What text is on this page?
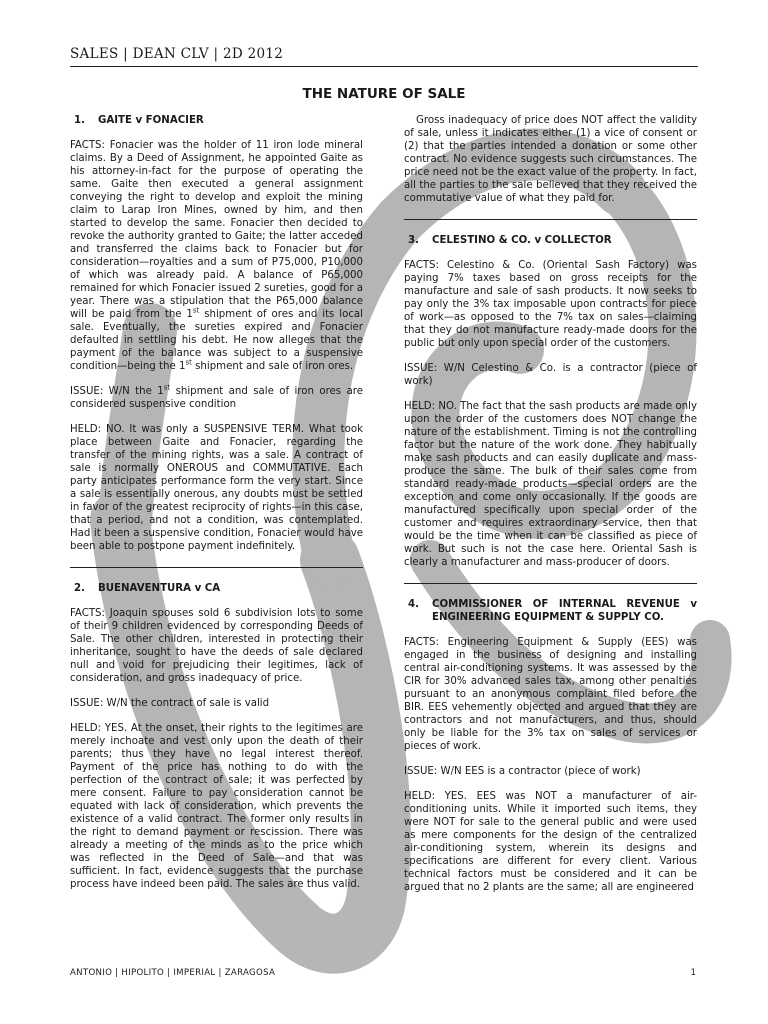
SALES | DEAN CLV | 2D 2012
THE NATURE OF SALE
1. GAITE v FONACIER

FACTS: Fonacier was the holder of 11 iron lode mineral claims. By a Deed of Assignment, he appointed Gaite as his attorney-in-fact for the purpose of operating the same. Gaite then executed a general assignment conveying the right to develop and exploit the mining claim to Larap Iron Mines, owned by him, and then started to develop the same. Fonacier then decided to revoke the authority granted to Gaite; the latter acceded and transferred the claims back to Fonacier but for consideration—royalties and a sum of P75,000, P10,000 of which was already paid. A balance of P65,000 remained for which Fonacier issued 2 sureties, good for a year. There was a stipulation that the P65,000 balance will be paid from the 1st shipment of ores and its local sale. Eventually, the sureties expired and Fonacier defaulted in settling his debt. He now alleges that the payment of the balance was subject to a suspensive condition—being the 1st shipment and sale of iron ores.

ISSUE: W/N the 1st shipment and sale of iron ores are considered suspensive condition

HELD: NO. It was only a SUSPENSIVE TERM. What took place between Gaite and Fonacier, regarding the transfer of the mining rights, was a sale. A contract of sale is normally ONEROUS and COMMUTATIVE. Each party anticipates performance form the very start. Since a sale is essentially onerous, any doubts must be settled in favor of the greatest reciprocity of rights—in this case, that a period, and not a condition, was contemplated. Had it been a suspensive condition, Fonacier would have been able to postpone payment indefinitely.

2. BUENAVENTURA v CA

FACTS: Joaquin spouses sold 6 subdivision lots to some of their 9 children evidenced by corresponding Deeds of Sale. The other children, interested in protecting their inheritance, sought to have the deeds of sale declared null and void for prejudicing their legitimes, lack of consideration, and gross inadequacy of price.

ISSUE: W/N the contract of sale is valid

HELD: YES. At the onset, their rights to the legitimes are merely inchoate and vest only upon the death of their parents; thus they have no legal interest thereof. Payment of the price has nothing to do with the perfection of the contract of sale; it was perfected by mere consent. Failure to pay consideration cannot be equated with lack of consideration, which prevents the existence of a valid contract. The former only results in the right to demand payment or rescission. There was already a meeting of the minds as to the price which was reflected in the Deed of Sale—and that was sufficient. In fact, evidence suggests that the purchase process have indeed been paid. The sales are thus valid.

Gross inadequacy of price does NOT affect the validity of sale, unless it indicates either (1) a vice of consent or (2) that the parties intended a donation or some other contract. No evidence suggests such circumstances. The price need not be the exact value of the property. In fact, all the parties to the sale believed that they received the commutative value of what they paid for.

3. CELESTINO & CO. v COLLECTOR

FACTS: Celestino & Co. (Oriental Sash Factory) was paying 7% taxes based on gross receipts for the manufacture and sale of sash products. It now seeks to pay only the 3% tax imposable upon contracts for piece of work—as opposed to the 7% tax on sales—claiming that they do not manufacture ready-made doors for the public but only upon special order of the customers.

ISSUE: W/N Celestino & Co. is a contractor (piece of work)

HELD: NO. The fact that the sash products are made only upon the order of the customers does NOT change the nature of the establishment. Timing is not the controlling factor but the nature of the work done. They habitually make sash products and can easily duplicate and mass-produce the same. The bulk of their sales come from standard ready-made products—special orders are the exception and come only occasionally. If the goods are manufactured specifically upon special order of the customer and requires extraordinary service, then that would be the time when it can be classified as piece of work. But such is not the case here. Oriental Sash is clearly a manufacturer and mass-producer of doors.

4.	COMMISSIONER OF INTERNAL REVENUE v ENGINEERING EQUIPMENT & SUPPLY CO.

FACTS: Engineering Equipment & Supply (EES) was engaged in the business of designing and installing central air-conditioning systems. It was assessed by the CIR for 30% advanced sales tax, among other penalties pursuant to an anonymous complaint filed before the BIR. EES vehemently objected and argued that they are contractors and not manufacturers, and thus, should only be liable for the 3% tax on sales of services or pieces of work.

ISSUE: W/N EES is a contractor (piece of work)

HELD: YES. EES was NOT a manufacturer of air-conditioning units. While it imported such items, they were NOT for sale to the general public and were used as mere components for the design of the centralized air-conditioning system, wherein its designs and specifications are different for every client. Various technical factors must be considered and it can be argued that no 2 plants are the same; all are engineered

ANTONIO | HIPOLITO | IMPERIAL | ZARAGOSA	1
